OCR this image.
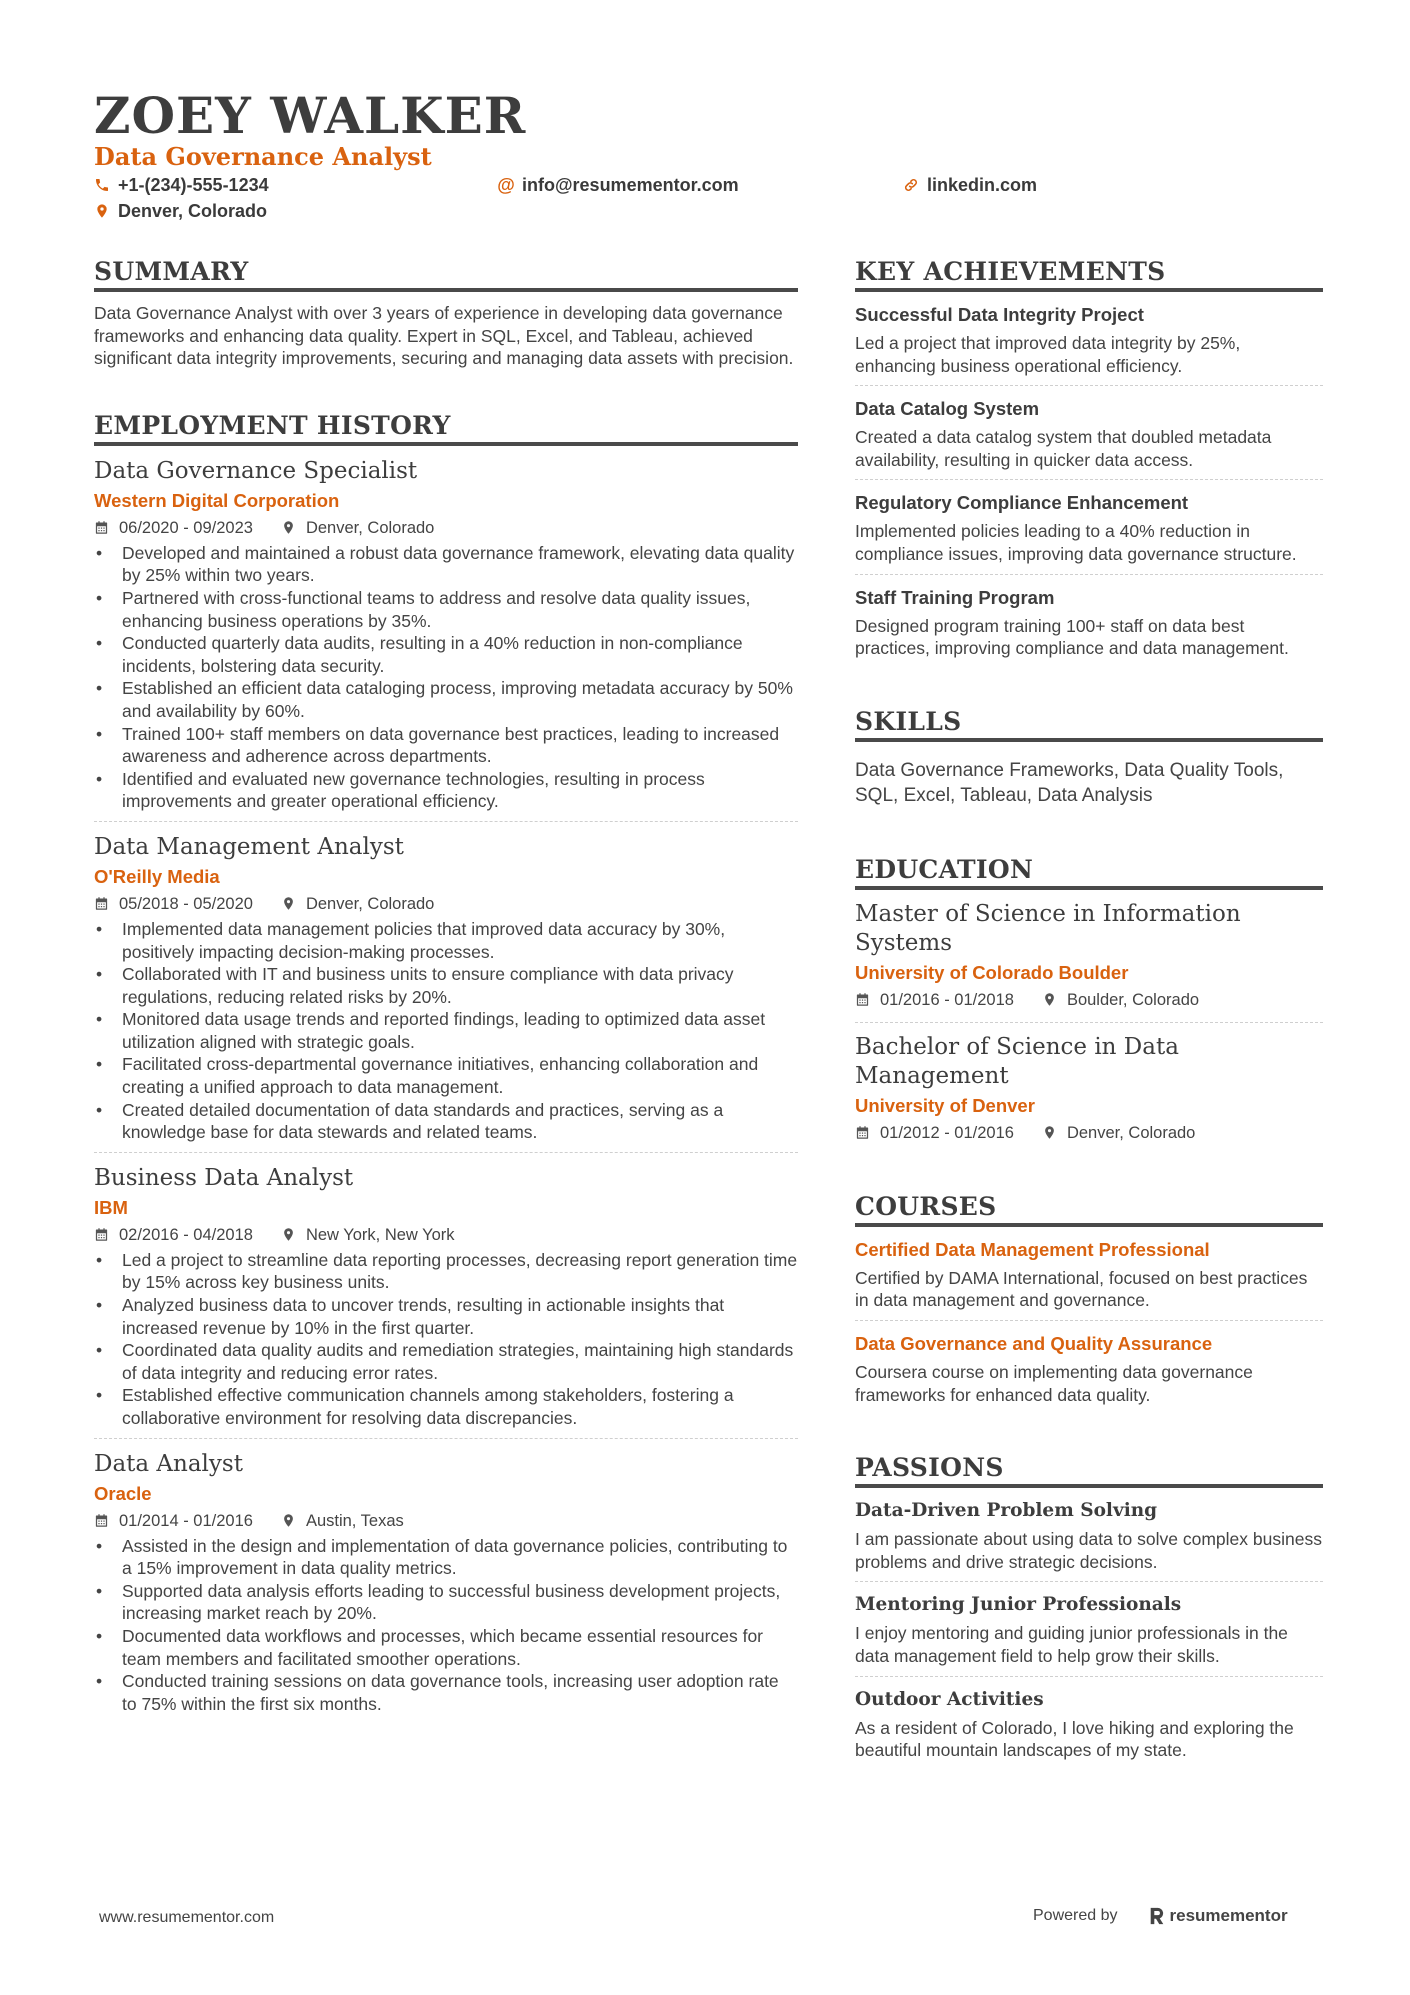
ZOEY WALKER
Data Governance Analyst
+1-(234)-555-1234	@ info@resumementor.com	linkedin.com
Denver, Colorado
SUMMARY
Data Governance Analyst with over 3 years of experience in developing data governance frameworks and enhancing data quality. Expert in SQL, Excel, and Tableau, achieved significant data integrity improvements, securing and managing data assets with precision.
EMPLOYMENT HISTORY
Data Governance Specialist
Western Digital Corporation
06/2020 - 09/2023	Denver, Colorado
• Developed and maintained a robust data governance framework, elevating data quality by 25% within two years.
• Partnered with cross-functional teams to address and resolve data quality issues, enhancing business operations by 35%.
• Conducted quarterly data audits, resulting in a 40% reduction in non-compliance incidents, bolstering data security.
• Established an efficient data cataloging process, improving metadata accuracy by 50% and availability by 60%.
• Trained 100+ staff members on data governance best practices, leading to increased awareness and adherence across departments.
• Identified and evaluated new governance technologies, resulting in process improvements and greater operational efficiency.
Data Management Analyst
O'Reilly Media
05/2018 - 05/2020	Denver, Colorado
• Implemented data management policies that improved data accuracy by 30%, positively impacting decision-making processes.
• Collaborated with IT and business units to ensure compliance with data privacy regulations, reducing related risks by 20%.
• Monitored data usage trends and reported findings, leading to optimized data asset utilization aligned with strategic goals.
• Facilitated cross-departmental governance initiatives, enhancing collaboration and creating a unified approach to data management.
• Created detailed documentation of data standards and practices, serving as a knowledge base for data stewards and related teams.
Business Data Analyst
IBM
02/2016 - 04/2018	New York, New York
• Led a project to streamline data reporting processes, decreasing report generation time by 15% across key business units.
• Analyzed business data to uncover trends, resulting in actionable insights that increased revenue by 10% in the first quarter.
• Coordinated data quality audits and remediation strategies, maintaining high standards of data integrity and reducing error rates.
• Established effective communication channels among stakeholders, fostering a collaborative environment for resolving data discrepancies.
Data Analyst
Oracle
01/2014 - 01/2016	Austin, Texas
• Assisted in the design and implementation of data governance policies, contributing to a 15% improvement in data quality metrics.
• Supported data analysis efforts leading to successful business development projects, increasing market reach by 20%.
• Documented data workflows and processes, which became essential resources for team members and facilitated smoother operations.
• Conducted training sessions on data governance tools, increasing user adoption rate to 75% within the first six months.
KEY ACHIEVEMENTS
Successful Data Integrity Project
Led a project that improved data integrity by 25%, enhancing business operational efficiency.
Data Catalog System
Created a data catalog system that doubled metadata availability, resulting in quicker data access.
Regulatory Compliance Enhancement
Implemented policies leading to a 40% reduction in compliance issues, improving data governance structure.
Staff Training Program
Designed program training 100+ staff on data best practices, improving compliance and data management.
SKILLS
Data Governance Frameworks, Data Quality Tools, SQL, Excel, Tableau, Data Analysis
EDUCATION
Master of Science in Information Systems
University of Colorado Boulder
01/2016 - 01/2018	Boulder, Colorado
Bachelor of Science in Data Management
University of Denver
01/2012 - 01/2016	Denver, Colorado
COURSES
Certified Data Management Professional
Certified by DAMA International, focused on best practices in data management and governance.
Data Governance and Quality Assurance
Coursera course on implementing data governance frameworks for enhanced data quality.
PASSIONS
Data-Driven Problem Solving
I am passionate about using data to solve complex business problems and drive strategic decisions.
Mentoring Junior Professionals
I enjoy mentoring and guiding junior professionals in the data management field to help grow their skills.
Outdoor Activities
As a resident of Colorado, I love hiking and exploring the beautiful mountain landscapes of my state.
www.resumementor.com	Powered by	resumementor
